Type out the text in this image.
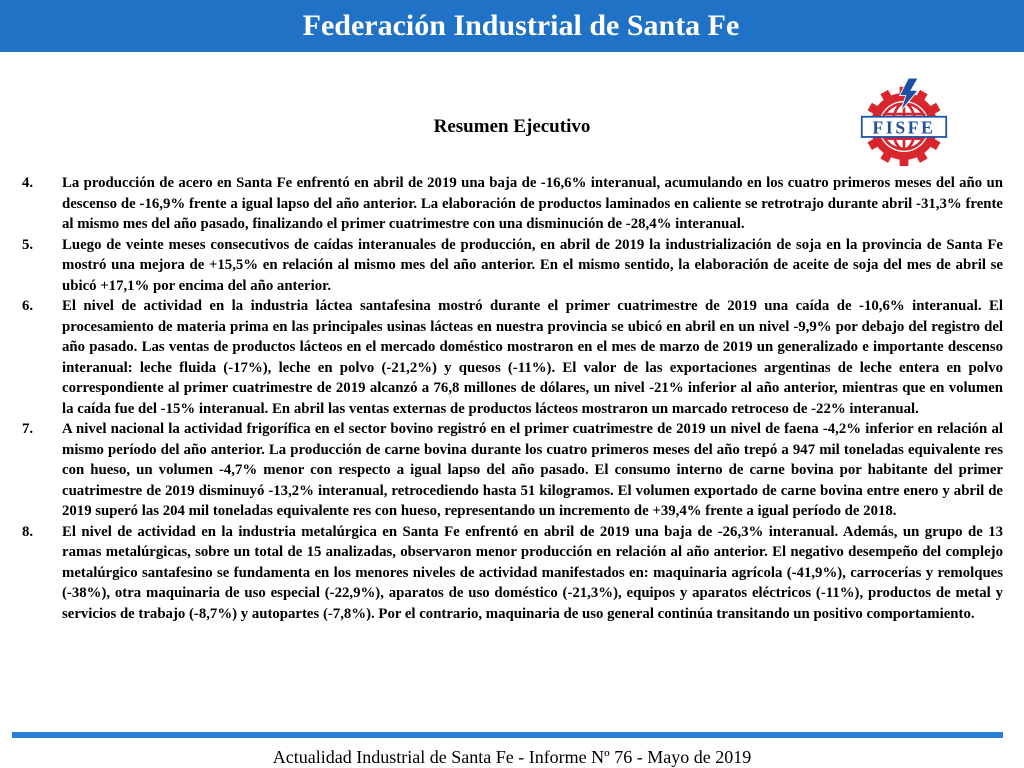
Federación Industrial de Santa Fe
FISFE
Resumen Ejecutivo
4.	La producción de acero en Santa Fe enfrentó en abril de 2019 una baja de -16,6% interanual, acumulando en los cuatro primeros meses del año un descenso de -16,9% frente a igual lapso del año anterior. La elaboración de productos laminados en caliente se retrotrajo durante abril -31,3% frente al mismo mes del año pasado, finalizando el primer cuatrimestre con una disminución de -28,4% interanual.
5.	Luego de veinte meses consecutivos de caídas interanuales de producción, en abril de 2019 la industrialización de soja en la provincia de Santa Fe mostró una mejora de +15,5% en relación al mismo mes del año anterior. En el mismo sentido, la elaboración de aceite de soja del mes de abril se ubicó +17,1% por encima del año anterior.
6.	El nivel de actividad en la industria láctea santafesina mostró durante el primer cuatrimestre de 2019 una caída de -10,6% interanual. El procesamiento de materia prima en las principales usinas lácteas en nuestra provincia se ubicó en abril en un nivel -9,9% por debajo del registro del año pasado. Las ventas de productos lácteos en el mercado doméstico mostraron en el mes de marzo de 2019 un generalizado e importante descenso interanual: leche fluida (-17%), leche en polvo (-21,2%) y quesos (-11%). El valor de las exportaciones argentinas de leche entera en polvo correspondiente al primer cuatrimestre de 2019 alcanzó a 76,8 millones de dólares, un nivel -21% inferior al año anterior, mientras que en volumen la caída fue del -15% interanual. En abril las ventas externas de productos lácteos mostraron un marcado retroceso de -22% interanual.
7.	A nivel nacional la actividad frigorífica en el sector bovino registró en el primer cuatrimestre de 2019 un nivel de faena -4,2% inferior en relación al mismo período del año anterior. La producción de carne bovina durante los cuatro primeros meses del año trepó a 947 mil toneladas equivalente res con hueso, un volumen -4,7% menor con respecto a igual lapso del año pasado. El consumo interno de carne bovina por habitante del primer cuatrimestre de 2019 disminuyó -13,2% interanual, retrocediendo hasta 51 kilogramos. El volumen exportado de carne bovina entre enero y abril de 2019 superó las 204 mil toneladas equivalente res con hueso, representando un incremento de +39,4% frente a igual período de 2018.
8.	El nivel de actividad en la industria metalúrgica en Santa Fe enfrentó en abril de 2019 una baja de -26,3% interanual. Además, un grupo de 13 ramas metalúrgicas, sobre un total de 15 analizadas, observaron menor producción en relación al año anterior. El negativo desempeño del complejo metalúrgico santafesino se fundamenta en los menores niveles de actividad manifestados en: maquinaria agrícola (-41,9%), carrocerías y remolques (-38%), otra maquinaria de uso especial (-22,9%), aparatos de uso doméstico (-21,3%), equipos y aparatos eléctricos (-11%), productos de metal y servicios de trabajo (-8,7%) y autopartes (-7,8%). Por el contrario, maquinaria de uso general continúa transitando un positivo comportamiento.
Actualidad Industrial de Santa Fe - Informe Nº 76 - Mayo de 2019
